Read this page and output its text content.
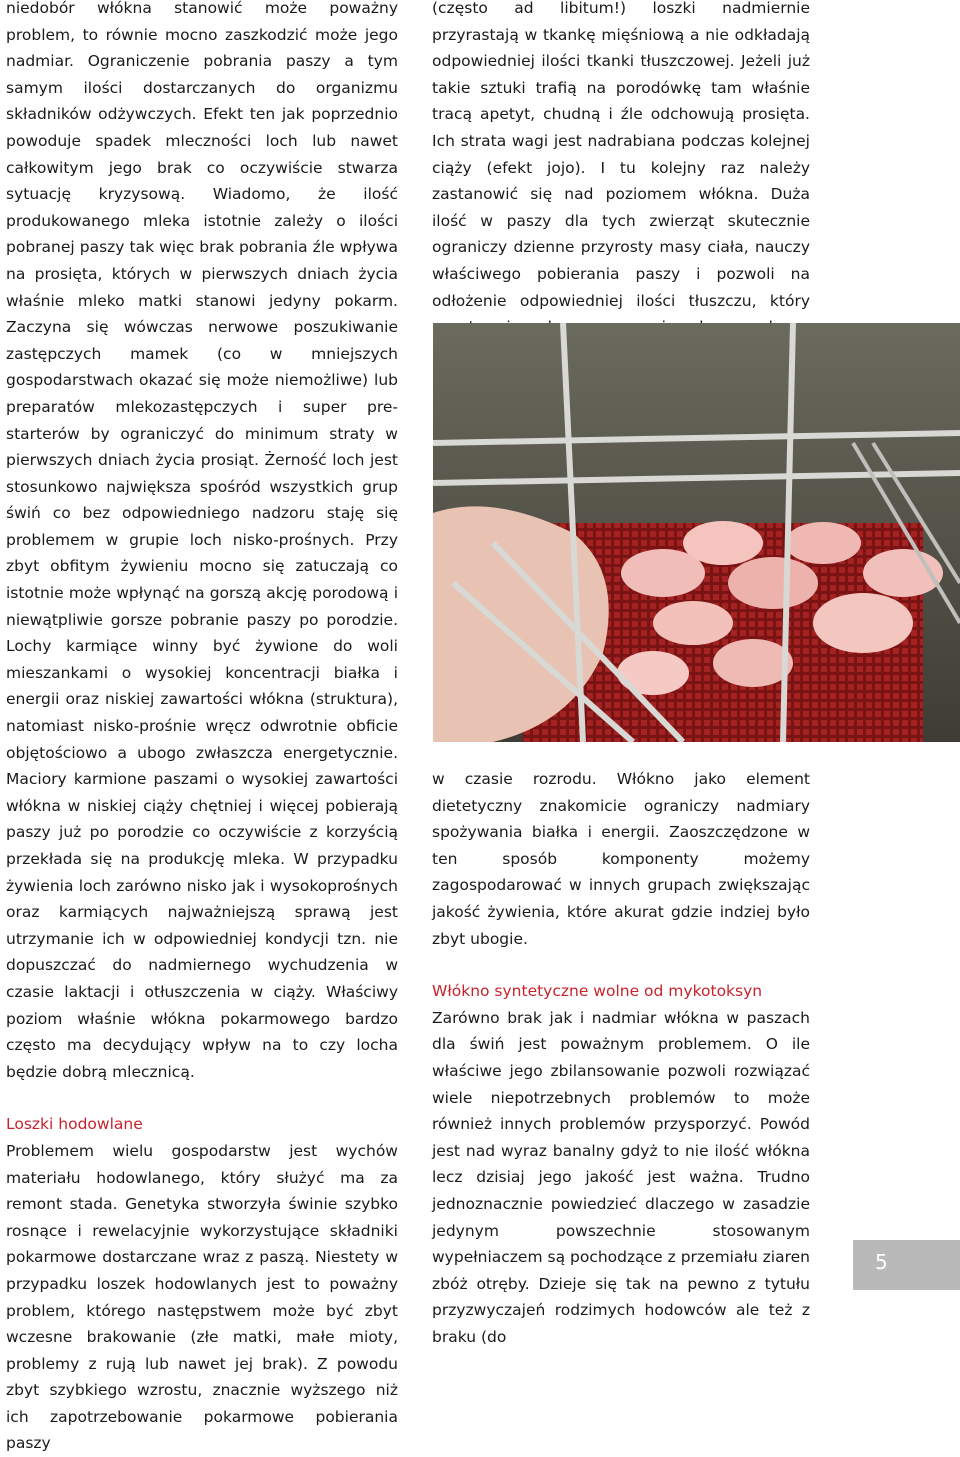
niedobór włókna stanowić może poważny problem, to równie mocno zaszkodzić może jego nadmiar. Ograniczenie pobrania paszy a tym samym ilości dostarczanych do organizmu składników odżywczych. Efekt ten jak poprzednio powoduje spadek mleczności loch lub nawet całkowitym jego brak co oczywiście stwarza sytuację kryzysową. Wiadomo, że ilość produkowanego mleka istotnie zależy o ilości pobranej paszy tak więc brak pobrania źle wpływa na prosięta, których w pierwszych dniach życia właśnie mleko matki stanowi jedyny pokarm. Zaczyna się wówczas nerwowe poszukiwanie zastępczych mamek (co w mniejszych gospodarstwach okazać się może niemożliwe) lub preparatów mlekozastępczych i super pre-starterów by ograniczyć do minimum straty w pierwszych dniach życia prosiąt. Żerność loch jest stosunkowo największa spośród wszystkich grup świń co bez odpowiedniego nadzoru staję się problemem w grupie loch nisko-prośnych. Przy zbyt obfitym żywieniu mocno się zatuczają co istotnie może wpłynąć na gorszą akcję porodową i niewątpliwie gorsze pobranie paszy po porodzie. Lochy karmiące winny być żywione do woli mieszankami o wysokiej koncentracji białka i energii oraz niskiej zawartości włókna (struktura), natomiast nisko-prośnie wręcz odwrotnie obficie objętościowo a ubogo zwłaszcza energetycznie. Maciory karmione paszami o wysokiej zawartości włókna w niskiej ciąży chętniej i więcej pobierają paszy już po porodzie co oczywiście z korzyścią przekłada się na produkcję mleka. W przypadku żywienia loch zarówno nisko jak i wysokoprośnych oraz karmiących najważniejszą sprawą jest utrzymanie ich w odpowiedniej kondycji tzn. nie dopuszczać do nadmiernego wychudzenia w czasie laktacji i otłuszczenia w ciąży. Właściwy poziom właśnie włókna pokarmowego bardzo często ma decydujący wpływ na to czy locha będzie dobrą mlecznicą.

Loszki hodowlane

Problemem wielu gospodarstw jest wychów materiału hodowlanego, który służyć ma za remont stada. Genetyka stworzyła świnie szybko rosnące i rewelacyjnie wykorzystujące składniki pokarmowe dostarczane wraz z paszą. Niestety w przypadku loszek hodowlanych jest to poważny problem, którego następstwem może być zbyt wczesne brakowanie (złe matki, małe mioty, problemy z rują lub nawet jej brak). Z powodu zbyt szybkiego wzrostu, znacznie wyższego niż ich zapotrzebowanie pokarmowe pobierania paszy

(często ad libitum!) loszki nadmiernie przyrastają w tkankę mięśniową a nie odkładają odpowiedniej ilości tkanki tłuszczowej. Jeżeli już takie sztuki trafią na porodówkę tam właśnie tracą apetyt, chudną i źle odchowują prosięta. Ich strata wagi jest nadrabiana podczas kolejnej ciąży (efekt jojo). I tu kolejny raz należy zastanowić się nad poziomem włókna. Duża ilość w paszy dla tych zwierząt skutecznie ograniczy dzienne przyrosty masy ciała, nauczy właściwego pobierania paszy i pozwoli na odłożenie odpowiedniej ilości tłuszczu, który

w czasie rozrodu. Włókno jako element dietetyczny znakomicie ograniczy nadmiary spożywania białka i energii. Zaoszczędzone w ten sposób komponenty możemy zagospodarować w innych grupach zwiększając jakość żywienia, które akurat gdzie indziej było zbyt ubogie.

Włókno syntetyczne wolne od mykotoksyn

Zarówno brak jak i nadmiar włókna w paszach dla świń jest poważnym problemem. O ile właściwe jego zbilansowanie pozwoli rozwiązać wiele niepotrzebnych problemów to może również innych problemów przysporzyć. Powód jest nad wyraz banalny gdyż to nie ilość włókna lecz dzisiaj jego jakość jest ważna. Trudno jednoznacznie powiedzieć dlaczego w zasadzie jedynym powszechnie stosowanym wypełniaczem są pochodzące z przemiału ziaren zbóż otręby. Dzieje się tak na pewno z tytułu przyzwyczajeń rodzimych hodowców ale też z braku (do

5
